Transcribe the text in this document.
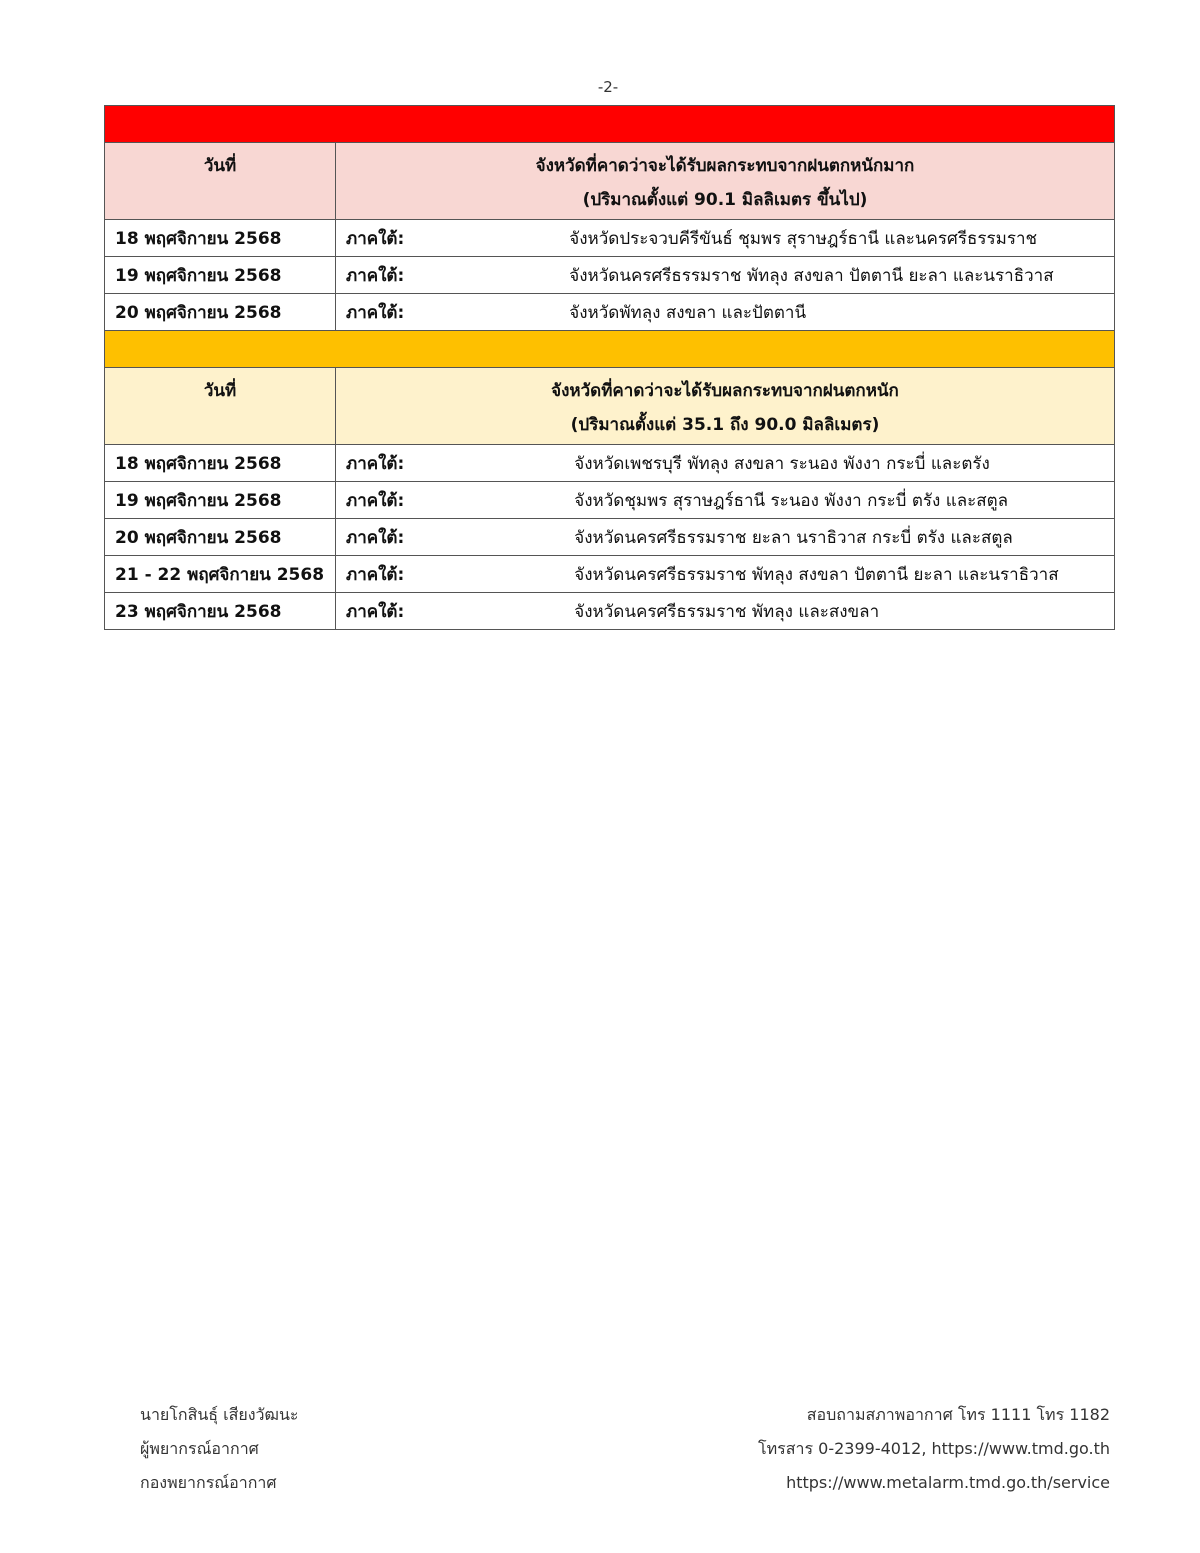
-2-

วันที่	จังหวัดที่คาดว่าจะได้รับผลกระทบจากฝนตกหนักมาก
(ปริมาณตั้งแต่ 90.1 มิลลิเมตร ขึ้นไป)

18 พฤศจิกายน 2568	ภาคใต้: จังหวัดประจวบคีรีขันธ์ ชุมพร สุราษฎร์ธานี และนครศรีธรรมราช
19 พฤศจิกายน 2568	ภาคใต้: จังหวัดนครศรีธรรมราช พัทลุง สงขลา ปัตตานี ยะลา และนราธิวาส
20 พฤศจิกายน 2568	ภาคใต้: จังหวัดพัทลุง สงขลา และปัตตานี

วันที่	จังหวัดที่คาดว่าจะได้รับผลกระทบจากฝนตกหนัก
(ปริมาณตั้งแต่ 35.1 ถึง 90.0 มิลลิเมตร)

18 พฤศจิกายน 2568	ภาคใต้: จังหวัดเพชรบุรี พัทลุง สงขลา ระนอง พังงา กระบี่ และตรัง
19 พฤศจิกายน 2568	ภาคใต้: จังหวัดชุมพร สุราษฎร์ธานี ระนอง พังงา กระบี่ ตรัง และสตูล
20 พฤศจิกายน 2568	ภาคใต้: จังหวัดนครศรีธรรมราช ยะลา นราธิวาส กระบี่ ตรัง และสตูล
21 - 22 พฤศจิกายน 2568	ภาคใต้: จังหวัดนครศรีธรรมราช พัทลุง สงขลา ปัตตานี ยะลา และนราธิวาส
23 พฤศจิกายน 2568	ภาคใต้: จังหวัดนครศรีธรรมราช พัทลุง และสงขลา
นายโกสินธุ์ เสียงวัฒนะ
ผู้พยากรณ์อากาศ
กองพยากรณ์อากาศ
สอบถามสภาพอากาศ โทร 1111 โทร 1182
โทรสาร 0-2399-4012, https://www.tmd.go.th
https://www.metalarm.tmd.go.th/service
